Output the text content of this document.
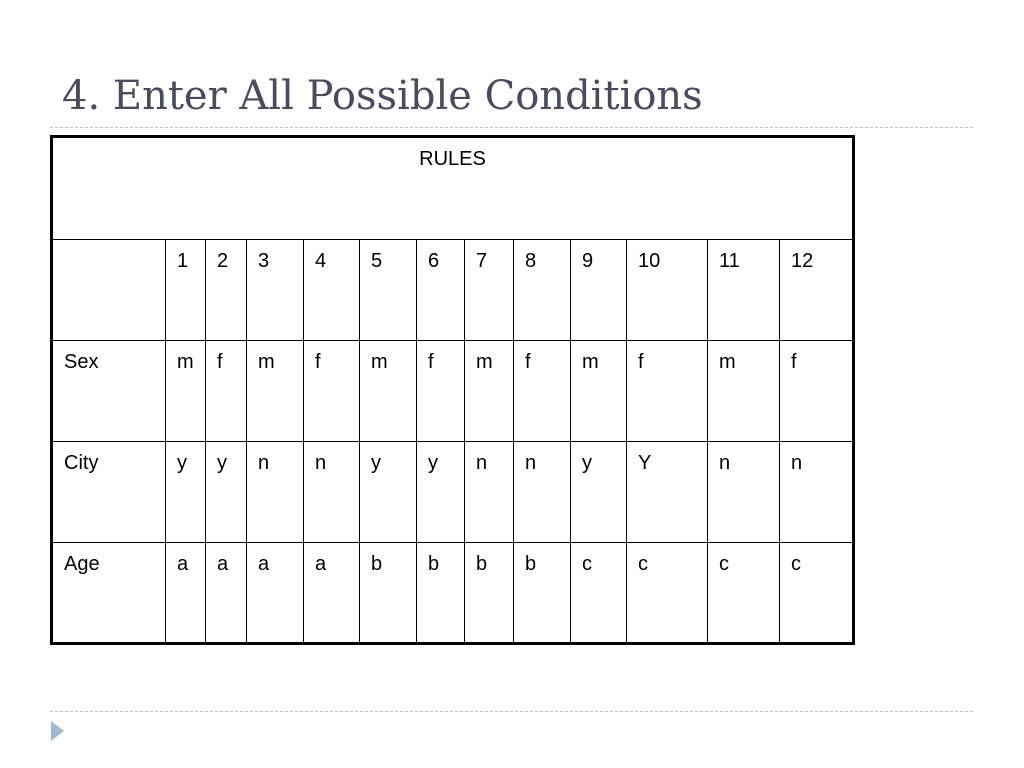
4. Enter All Possible Conditions
RULES												
	1	2	3	4	5	6	7	8	9	10	11	12
Sex	m	f	m	f	m	f	m	f	m	f	m	f
City	y	y	n	n	y	y	n	n	y	Y	n	n
Age	a	a	a	a	b	b	b	b	c	c	c	c
